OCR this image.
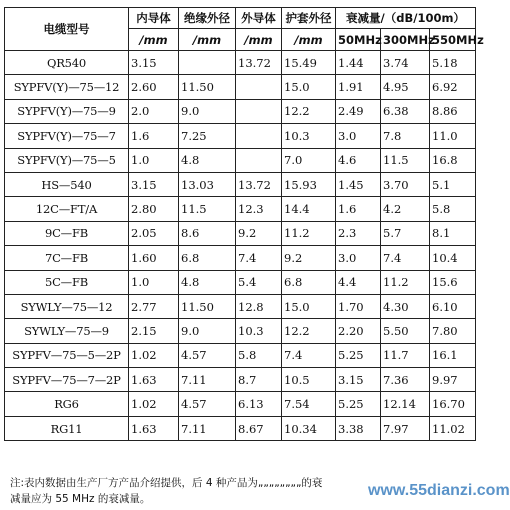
电缆型号	内导体	绝缘外径	外导体	护套外径	衰减量/（dB/100m）		
	/mm	/mm	/mm	/mm	50MHz	300MHz	550MHz
QR540	3.15		13.72	15.49	1.44	3.74	5.18
SYPFV(Y)—75—12	2.60	11.50		15.0	1.91	4.95	6.92
SYPFV(Y)—75—9	2.0	9.0		12.2	2.49	6.38	8.86
SYPFV(Y)—75—7	1.6	7.25		10.3	3.0	7.8	11.0
SYPFV(Y)—75—5	1.0	4.8		7.0	4.6	11.5	16.8
HS—540	3.15	13.03	13.72	15.93	1.45	3.70	5.1
12C—FT/A	2.80	11.5	12.3	14.4	1.6	4.2	5.8
9C—FB	2.05	8.6	9.2	11.2	2.3	5.7	8.1
7C—FB	1.60	6.8	7.4	9.2	3.0	7.4	10.4
5C—FB	1.0	4.8	5.4	6.8	4.4	11.2	15.6
SYWLY—75—12	2.77	11.50	12.8	15.0	1.70	4.30	6.10
SYWLY—75—9	2.15	9.0	10.3	12.2	2.20	5.50	7.80
SYPFV—75—5—2P	1.02	4.57	5.8	7.4	5.25	11.7	16.1
SYPFV—75—7—2P	1.63	7.11	8.7	10.5	3.15	7.36	9.97
RG6	1.02	4.57	6.13	7.54	5.25	12.14	16.70
RG11	1.63	7.11	8.67	10.34	3.38	7.97	11.02
注:表内数据由生产厂方产品介绍提供，后 4 种产品为„„„„„„„„的衰
减量应为 55 MHz 的衰减量。	www.55dianzi.com
